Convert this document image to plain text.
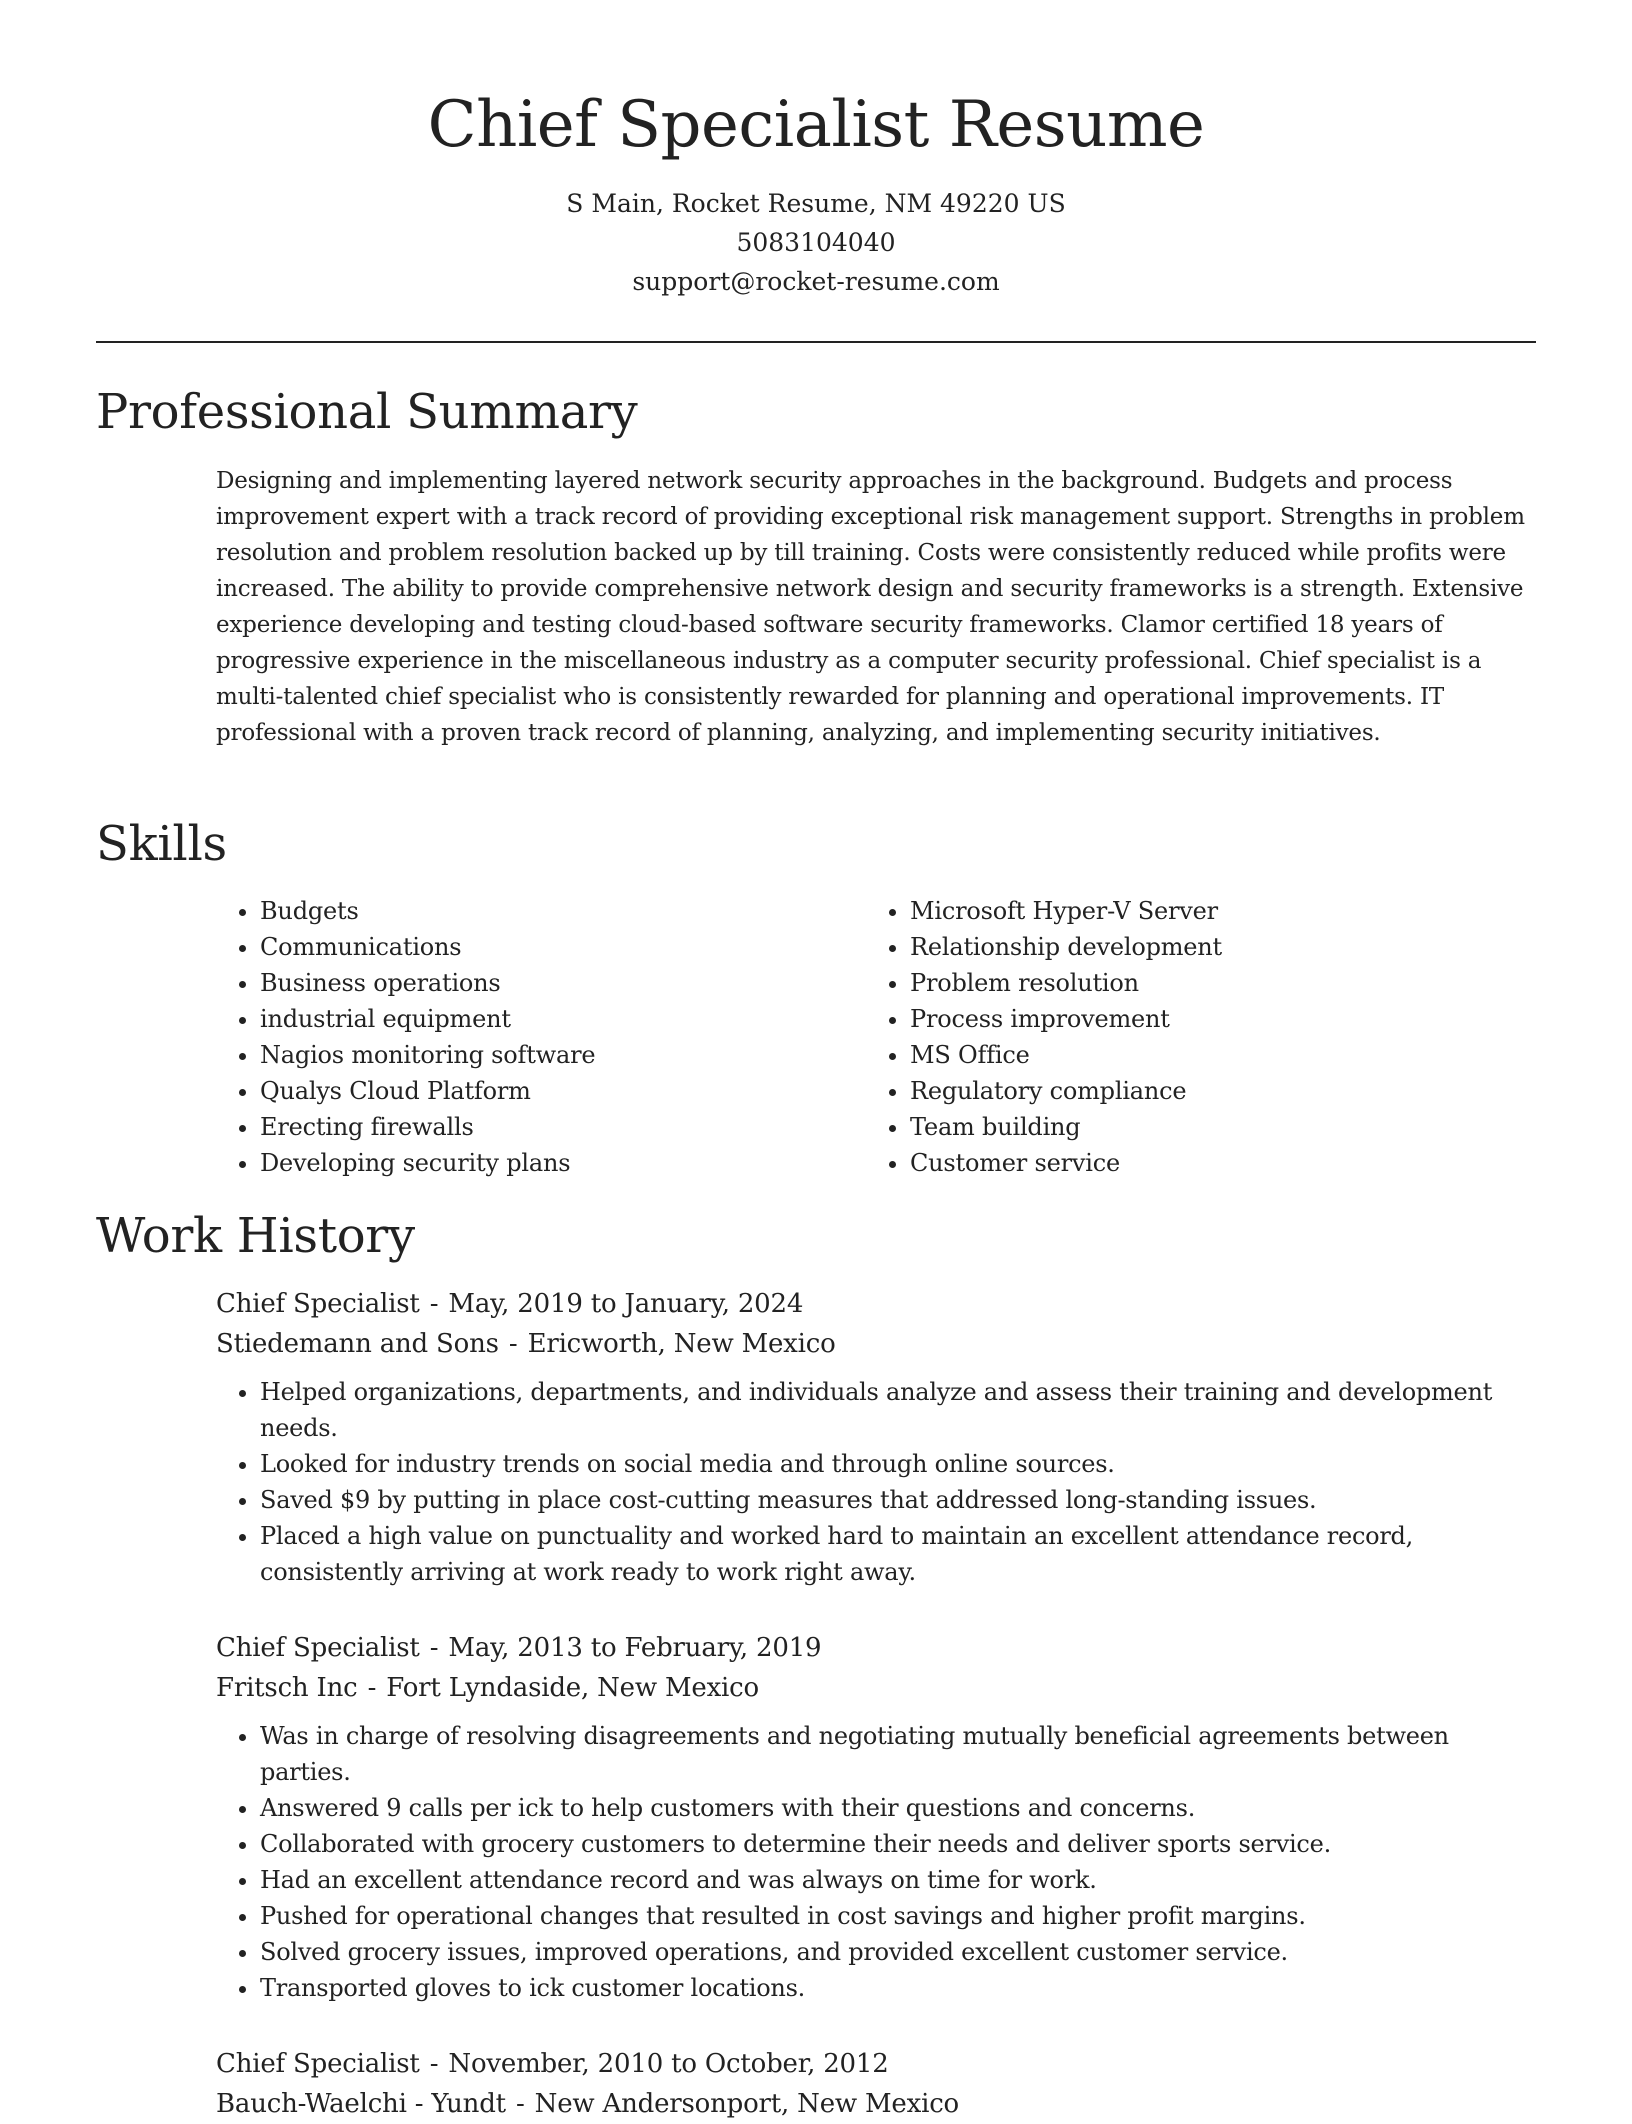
Chief Specialist Resume
S Main, Rocket Resume, NM 49220 US
5083104040
support@rocket-resume.com
Professional Summary

Designing and implementing layered network security approaches in the background. Budgets and process improvement expert with a track record of providing exceptional risk management support. Strengths in problem resolution and problem resolution backed up by till training. Costs were consistently reduced while profits were increased. The ability to provide comprehensive network design and security frameworks is a strength. Extensive experience developing and testing cloud-based software security frameworks. Clamor certified 18 years of progressive experience in the miscellaneous industry as a computer security professional. Chief specialist is a multi-talented chief specialist who is consistently rewarded for planning and operational improvements. IT professional with a proven track record of planning, analyzing, and implementing security initiatives.

Skills
• Budgets
• Communications
• Business operations
• industrial equipment
• Nagios monitoring software
• Qualys Cloud Platform
• Erecting firewalls
• Developing security plans
• Microsoft Hyper-V Server
• Relationship development
• Problem resolution
• Process improvement
• MS Office
• Regulatory compliance
• Team building
• Customer service
Work History
Chief Specialist - May, 2019 to January, 2024
Stiedemann and Sons - Ericworth, New Mexico
• Helped organizations, departments, and individuals analyze and assess their training and development needs.
• Looked for industry trends on social media and through online sources.
• Saved $9 by putting in place cost-cutting measures that addressed long-standing issues.
• Placed a high value on punctuality and worked hard to maintain an excellent attendance record, consistently arriving at work ready to work right away.
Chief Specialist - May, 2013 to February, 2019
Fritsch Inc - Fort Lyndaside, New Mexico
• Was in charge of resolving disagreements and negotiating mutually beneficial agreements between parties.
• Answered 9 calls per ick to help customers with their questions and concerns.
• Collaborated with grocery customers to determine their needs and deliver sports service.
• Had an excellent attendance record and was always on time for work.
• Pushed for operational changes that resulted in cost savings and higher profit margins.
• Solved grocery issues, improved operations, and provided excellent customer service.
• Transported gloves to ick customer locations.
Chief Specialist - November, 2010 to October, 2012
Bauch-Waelchi - Yundt - New Andersonport, New Mexico
